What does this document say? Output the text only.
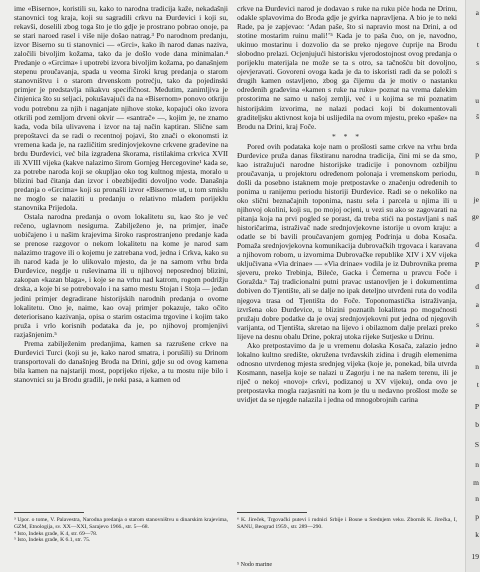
ime «Biserno», koristili su, kako to narodna tradicija kaže, nekadašnji stanovnici tog kraja, koji su sagradili crkvu na Đurđevici i koji su, rekavši, doselili zbog toga što je tlo gdje je prostrano pobrao onoje, pa se stari naroed rasel i više nije došao natrag.³ Po narodnom predanju, izvor Biserno su ti stanovnici — «Grci», kako ih narod danas naziva, zaločili bivoljim kožama, tako da je došlo vode dana minimalan.⁴ Predanje o «Grcima» i upotrebi izvora bivoljim kožama, po današnjem stepenu proučavanja, spada u veoma široki krug predanja o starom stanovništvu i o starom drvenskom potrećju, tako da pojedinski primjer je predstavlja nikakvu specifičnost. Međutim, zanimljiva je činjenica što su seljaci, pokušavajući da na «Bisernom» ponovo otkriju vodu potrebnu za njih i naganjate njihove stoke, kopajući oko izvora otkrili pod zemljom drveni okvir — «santrač» —, kojim je, ne znamo kada, voda bila ulivavena i izvor na taj način kaptiran. Slične sam prepoštavci da se radi o recentnoj pojavi, što znači o ekonomsti iz vremena kada je, na različitim sredinjovjekovne crkvene građevine na brdu Đurđevici, već bila izgrađena škorama, ristilakima crkvica XVII ili XVIII vijeka (kakve nalazimo širom Gornjeg Hercegovine¹ kada se, za potrebe naroda koji se okupljao oko tog kultnog mjesta, moralo u blizini bad čitanja dan izvor i obezbijediti dovoljno vode. Današnja predanja o «Grcima» koji su pronašli izvor «Biserno» ut, u tom smislu ne moglo se nalaziti u predanju o relativno mlađem porijeklu stanovnika Prijedola.

Ostala narodna predanja o ovom lokalitetu su, kao što je već rečeno, uglavnom nesigurna. Zabilježeno je, na primjer, inače uobičajeno i u našim krajevima široko rasprostranjeno predanje kada se prenose razgovor o nekom lokalitetu na kome je narod sam nalazimo tragove ili o kojemu je zatrebana vod, jedna i Crkva, kako su ih narod kada je lo ulikovalo mjesto, da je na samom vrhu brda Đurđevice, negdje u ruševinama ili u njihovoj neposrednoj blizini, zakopan «kazan blaga», i koje se na vrhu nad katrom, rogom podrižju drska, a koje bi se potrebovalo i na samo mestu Stojan i Stoja — jedan jedini primjer degradirane historijskih narodnih predanja o ovome lokalitetu. Ono je, naime, kao ovaj primjer pokazuje, tako očito deteriorisano kazivanja, opisa o starim ostacima trgovine i kojim tako pruža i vrlo korisnih podataka da je, po njihovoj promjenjivi razjašnjenim.⁵

Prema zabilježenim predanjima, kamen sa razrušene crkve na Đurđevici Turci (koji su je, kako narod smatra, i porušili) su Drinom transportovali do današnjeg Brođa na Drini, gdje su od ovog kamena bila kamen na najstariji most, poprijeko rijeke, a tu mostu nije bilo i stanovnici su ja Brodu građili, je neki pasa, a kamen od

crkve na Đurđevici narod je dodavao s ruke na ruku piće hoda ne Drinu, odakle splavovima do Broda gdje je gvirka napravljena. A bio je to neki Rade, pa je zapjevao: ‘Adan paše, što si napravio most na Drini, a od stotine mostarim ruinu mali!’⁵ Kada je to paša čuo, on je, navodno, ukinuo mostarinu i dozvolio da se preko njegove ćuprije na Brodu slobodno prelazi. Ocjenjujući historisku vjerodostojnost ovog predanja o porijeklu materijala ne može se ta s otro, sa tačnošću bit dovoljno, ojevjeravati. Govoreni ovoga kada je da to iskoristi radi da se položi s drugih kamen ostavljeno, zbog ga čijemu da je motiv o nastanku određenih građevina «kamen s ruke na ruku» poznat na vrema dalekim prostorima ne samo u našoj zemlji, već i u kojima se mi poznatim historijskim izvorima, ne nalazi podaci koji bi dokumentovali graditeljsku aktivnost koja bi uslijedila na ovom mjestu, preko «paše» na Brodu na Drini, kraj Foče.

* * *

Pored ovih podataka koje nam o prošlosti same crkve na vrhu brda Đurđevice pruža danas fikstiranu narodna tradicija, čini mi se da smo, kao istražujući narodne historijske tradicije i ponovnom ozbiljnu proučavanja, u projektoru određenom polonaja i vremenskom periodu, došli da posebno istaknem moje pretpostavke o značenju određenih to ponima u ranijemu periodu historiji Đurđevice. Radi se o nekoliko na oko slični beznačajnih toponima, nastu sela i parcela u njima ili u njihovoj okolini, koji su, po mojoj ocjeni, u vezi su ako se zagovarati na pitanja koja na prvi pogled se porast, da treba stići na postavljani s naš historičarima, istraživač nade srednjovjekovne istorije u ovom kraju: a odatle se bi bavili proučavanjem gornjeg Podrinja u doba Kosača. Pomaža srednjovjekovna komunikacija dubrovačkih trgovaca i karavana a njihovom robom, u izvornima Dubrovačke republike XIV i XV vijeka uključivana «Via drinae» — «Via drinae» vodila je iz Dubrovnika prema sjeveru, preko Trebinja, Bileće, Gacka i Čemerna u pravcu Foče i Goražda.⁶ Taj tradicionalni putni pravac ustanovljen je i dokumentima dobiven do Tjentište, ali se dalje no ipak deteljno utvrđeni ruta do vodila njegova trasa od Tjentišta do Foče. Toponomastička istraživanja, izvršena oko Đurđevice, u blizini poznatih lokaliteta po mogućnosti pružaju dobre podatke da je ovaj srednjovjekovni put jedna od njegovih varijanta, od Tjentišta, skretao na lijevo i obilaznom dalje prelazi preko lijeve na desnu obalu Drine, pokraj utoka rijeke Sutjeske u Drinu.

Ako pretpostavimo da je u vremenu dolaska Kosača, zalazio jedno lokalno kultno središte, okružena tvrđavskih zidina i drugih elemenima odnosno utvrdenog mjesta srednjeg vijeka (koje je, ponekad, bila utvrda Kosmann, naselja koje se nalazi u Zagorju i ne na našem terenu, ili je riječ o nekoj «novoj» crkvi, podizanoj u XV vijeku), onda ovo je pretpostavka mogla razjasniti na kom je tlu u nedavno prošlost može se uvidjet da se njegde nalazila i jedna od mnogobrojnih carina

³ Upor. o tome, V. Palavestra, Narodna predanja o starom stanovništvu u dinarskim krajevima, GZM, Etnologija, sv. XX—XXI, Sarajevo 1966., str. 5—68.

⁴ Isto, Indeks građe, K 4, str. 69—78.

⁵ Isto, Indeks građe, K 6.1, str. 75.

⁶ K. Jireček, Trgovački putevi i rudnici Srbije i Bosne u Srednjem veku. Zbornik K. Jirečka, I, SANU, Beograd 1959., str. 289—290.

⁵ Nodo marine
a
t
s
u
š
p
n
je
ge
d
P
d
a
s
a
n
t
P
b
S
n
m
n
p
k
19
